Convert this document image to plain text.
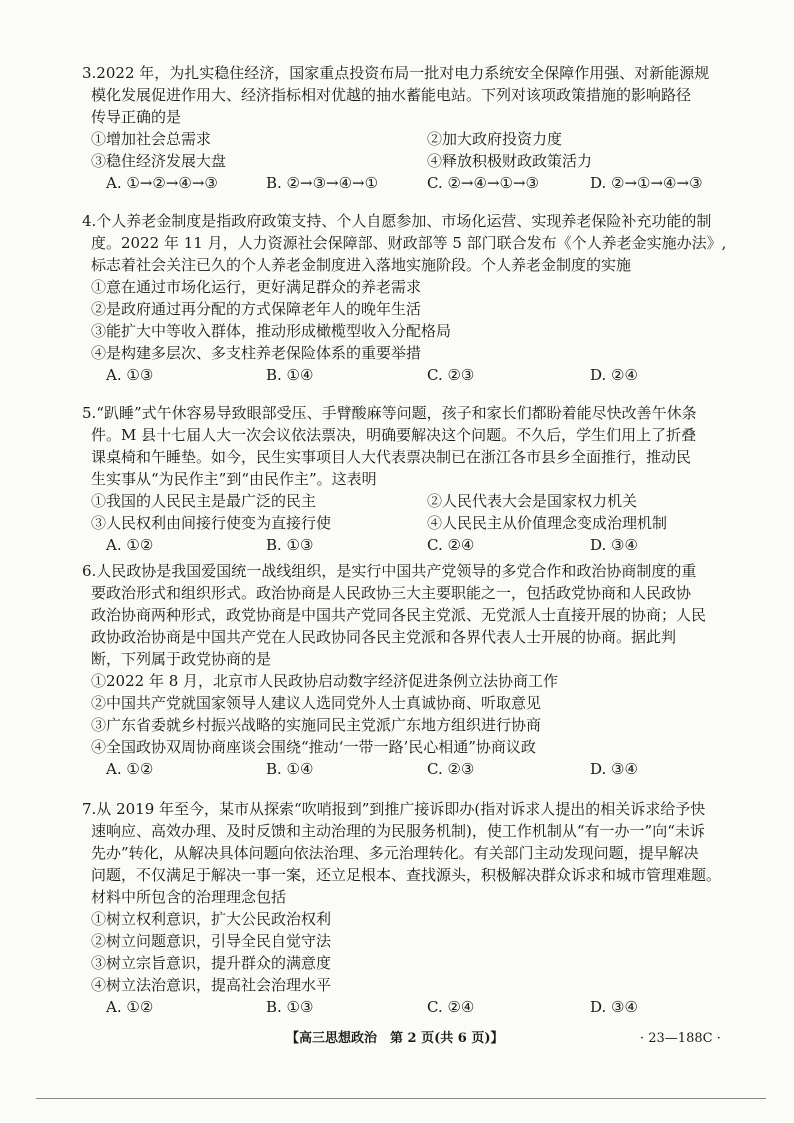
3.2022 年，为扎实稳住经济，国家重点投资布局一批对电力系统安全保障作用强、对新能源规
模化发展促进作用大、经济指标相对优越的抽水蓄能电站。下列对该项政策措施的影响路径
传导正确的是
①增加社会总需求	②加大政府投资力度
③稳住经济发展大盘	④释放积极财政政策活力
A. ①→②→④→③	B. ②→③→④→①	C. ②→④→①→③	D. ②→①→④→③
4.个人养老金制度是指政府政策支持、个人自愿参加、市场化运营、实现养老保险补充功能的制
度。2022 年 11 月，人力资源社会保障部、财政部等 5 部门联合发布《个人养老金实施办法》,
标志着社会关注已久的个人养老金制度进入落地实施阶段。个人养老金制度的实施
①意在通过市场化运行，更好满足群众的养老需求
②是政府通过再分配的方式保障老年人的晚年生活
③能扩大中等收入群体，推动形成橄榄型收入分配格局
④是构建多层次、多支柱养老保险体系的重要举措
A. ①③	B. ①④	C. ②③	D. ②④
5.“趴睡”式午休容易导致眼部受压、手臂酸麻等问题，孩子和家长们都盼着能尽快改善午休条
件。M 县十七届人大一次会议依法票决，明确要解决这个问题。不久后，学生们用上了折叠
课桌椅和午睡垫。如今，民生实事项目人大代表票决制已在浙江各市县乡全面推行，推动民
生实事从“为民作主”到“由民作主”。这表明
①我国的人民民主是最广泛的民主	②人民代表大会是国家权力机关
③人民权利由间接行使变为直接行使	④人民民主从价值理念变成治理机制
A. ①②	B. ①③	C. ②④	D. ③④
6.人民政协是我国爱国统一战线组织，是实行中国共产党领导的多党合作和政治协商制度的重
要政治形式和组织形式。政治协商是人民政协三大主要职能之一，包括政党协商和人民政协
政治协商两种形式，政党协商是中国共产党同各民主党派、无党派人士直接开展的协商；人民
政协政治协商是中国共产党在人民政协同各民主党派和各界代表人士开展的协商。据此判
断，下列属于政党协商的是
①2022 年 8 月，北京市人民政协启动数字经济促进条例立法协商工作
②中国共产党就国家领导人建议人选同党外人士真诚协商、听取意见
③广东省委就乡村振兴战略的实施同民主党派广东地方组织进行协商
④全国政协双周协商座谈会围绕“推动‘一带一路’民心相通”协商议政
A. ①②	B. ①④	C. ②③	D. ③④
7.从 2019 年至今，某市从探索“吹哨报到”到推广接诉即办(指对诉求人提出的相关诉求给予快
速响应、高效办理、及时反馈和主动治理的为民服务机制)，使工作机制从“有一办一”向“未诉
先办”转化，从解决具体问题向依法治理、多元治理转化。有关部门主动发现问题，提早解决
问题，不仅满足于解决一事一案，还立足根本、查找源头，积极解决群众诉求和城市管理难题。
材料中所包含的治理理念包括
①树立权利意识，扩大公民政治权利
②树立问题意识，引导全民自觉守法
③树立宗旨意识，提升群众的满意度
④树立法治意识，提高社会治理水平
A. ①②	B. ①③	C. ②④	D. ③④
【高三思想政治　第 2 页(共 6 页)】	· 23—188C ·
